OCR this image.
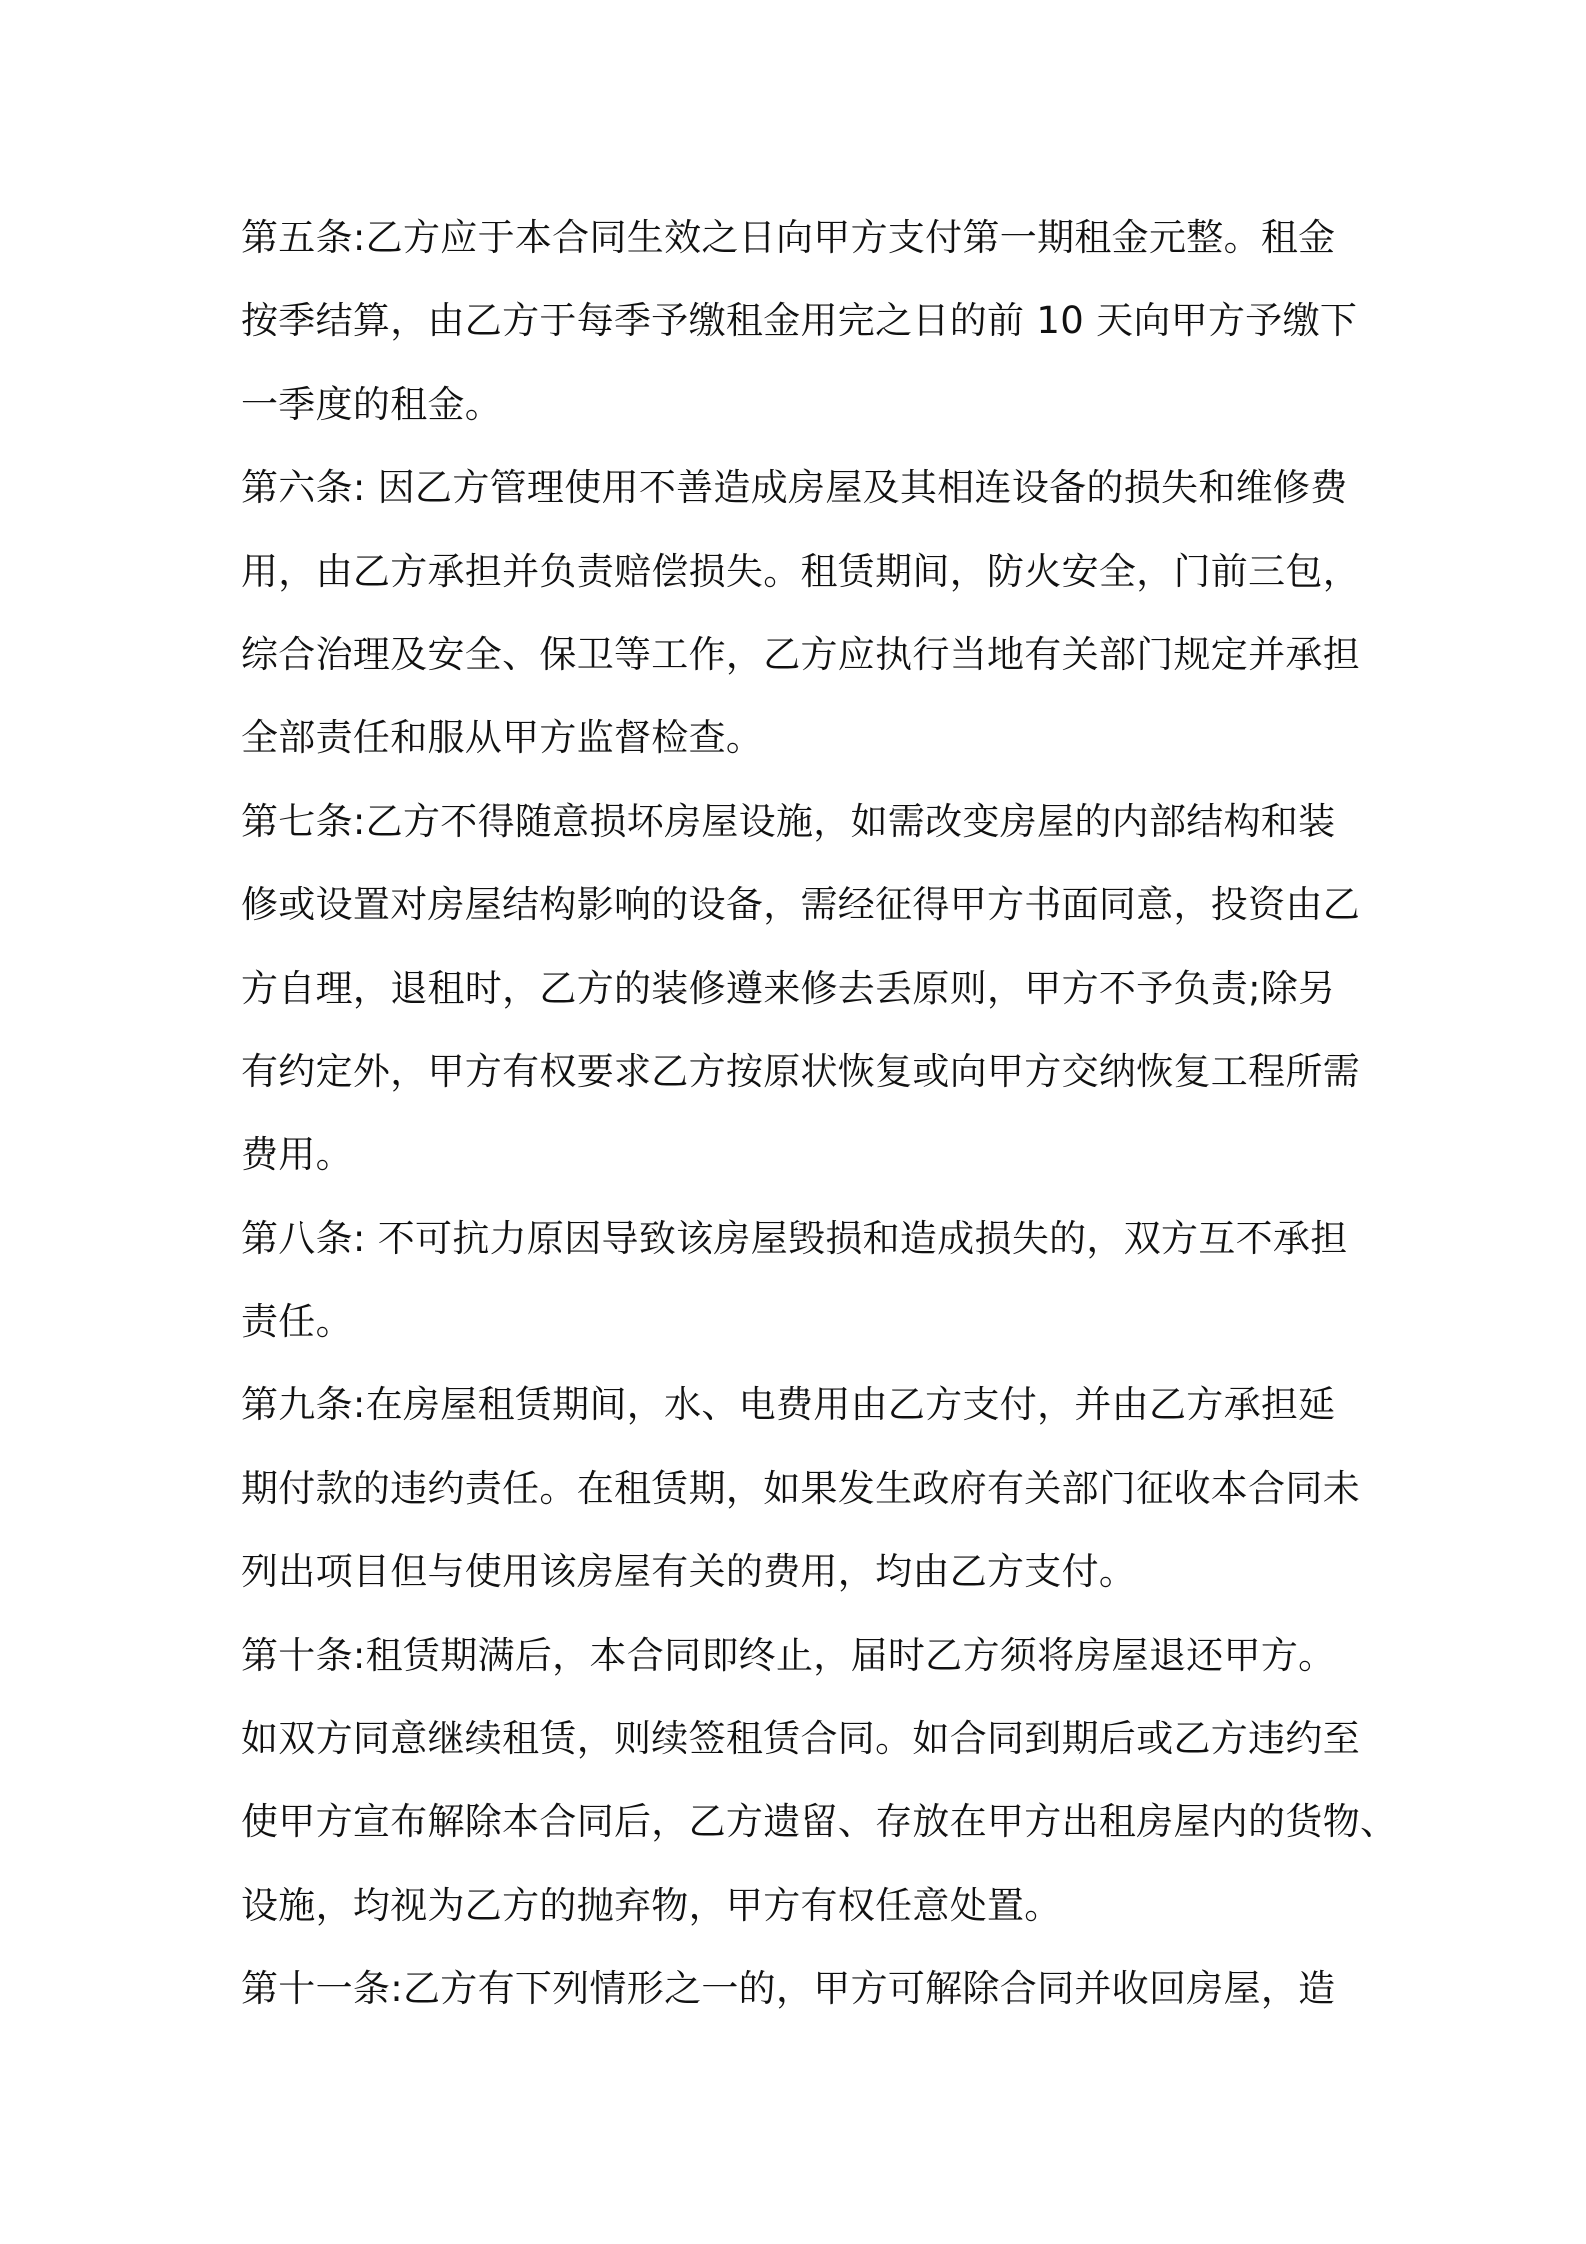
第五条:乙方应于本合同生效之日向甲方支付第一期租金元整。租金
按季结算，由乙方于每季予缴租金用完之日的前 10 天向甲方予缴下
一季度的租金。
第六条: 因乙方管理使用不善造成房屋及其相连设备的损失和维修费
用，由乙方承担并负责赔偿损失。租赁期间，防火安全，门前三包，
综合治理及安全、保卫等工作，乙方应执行当地有关部门规定并承担
全部责任和服从甲方监督检查。
第七条:乙方不得随意损坏房屋设施，如需改变房屋的内部结构和装
修或设置对房屋结构影响的设备，需经征得甲方书面同意，投资由乙
方自理，退租时，乙方的装修遵来修去丢原则，甲方不予负责;除另
有约定外，甲方有权要求乙方按原状恢复或向甲方交纳恢复工程所需
费用。
第八条: 不可抗力原因导致该房屋毁损和造成损失的，双方互不承担
责任。
第九条:在房屋租赁期间，水、电费用由乙方支付，并由乙方承担延
期付款的违约责任。在租赁期，如果发生政府有关部门征收本合同未
列出项目但与使用该房屋有关的费用，均由乙方支付。
第十条:租赁期满后，本合同即终止，届时乙方须将房屋退还甲方。
如双方同意继续租赁，则续签租赁合同。如合同到期后或乙方违约至
使甲方宣布解除本合同后，乙方遗留、存放在甲方出租房屋内的货物、
设施，均视为乙方的抛弃物，甲方有权任意处置。
第十一条:乙方有下列情形之一的，甲方可解除合同并收回房屋，造
